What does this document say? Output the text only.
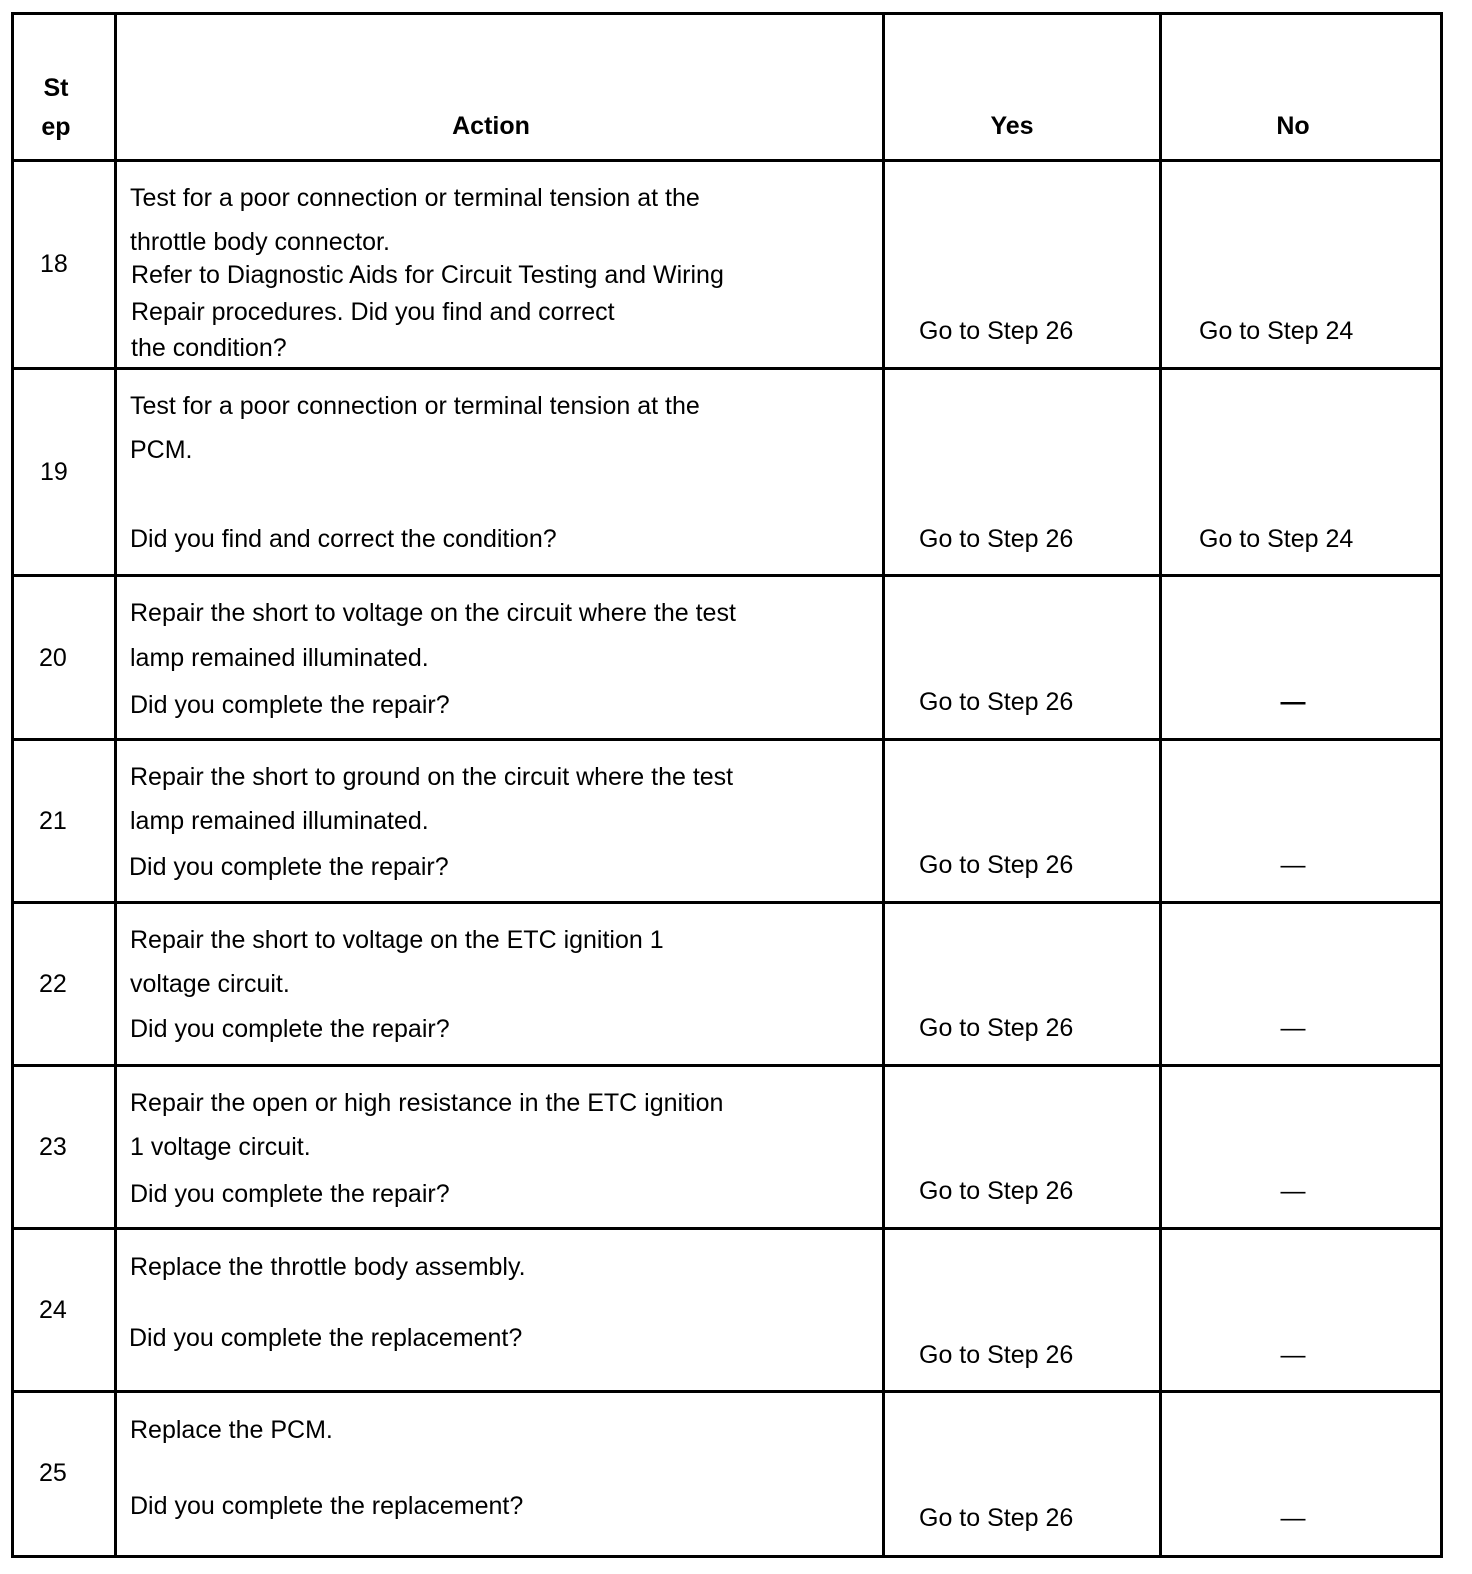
St
ep	Action	Yes	No
18
Test for a poor connection or terminal tension at the
throttle body connector.
Refer to Diagnostic Aids for Circuit Testing and Wiring
Repair procedures. Did you find and correct
the condition?
Go to Step 26	Go to Step 24
19
Test for a poor connection or terminal tension at the
PCM.
Did you find and correct the condition?	Go to Step 26	Go to Step 24
20
Repair the short to voltage on the circuit where the test
lamp remained illuminated.
Did you complete the repair?	Go to Step 26	—
21
Repair the short to ground on the circuit where the test
lamp remained illuminated.
Did you complete the repair?	Go to Step 26	—
22
Repair the short to voltage on the ETC ignition 1
voltage circuit.
Did you complete the repair?	Go to Step 26	—
23
Repair the open or high resistance in the ETC ignition
1 voltage circuit.
Did you complete the repair?	Go to Step 26	—
24
Replace the throttle body assembly.
Did you complete the replacement?
Go to Step 26	—
25
Replace the PCM.
Did you complete the replacement?	Go to Step 26	—
